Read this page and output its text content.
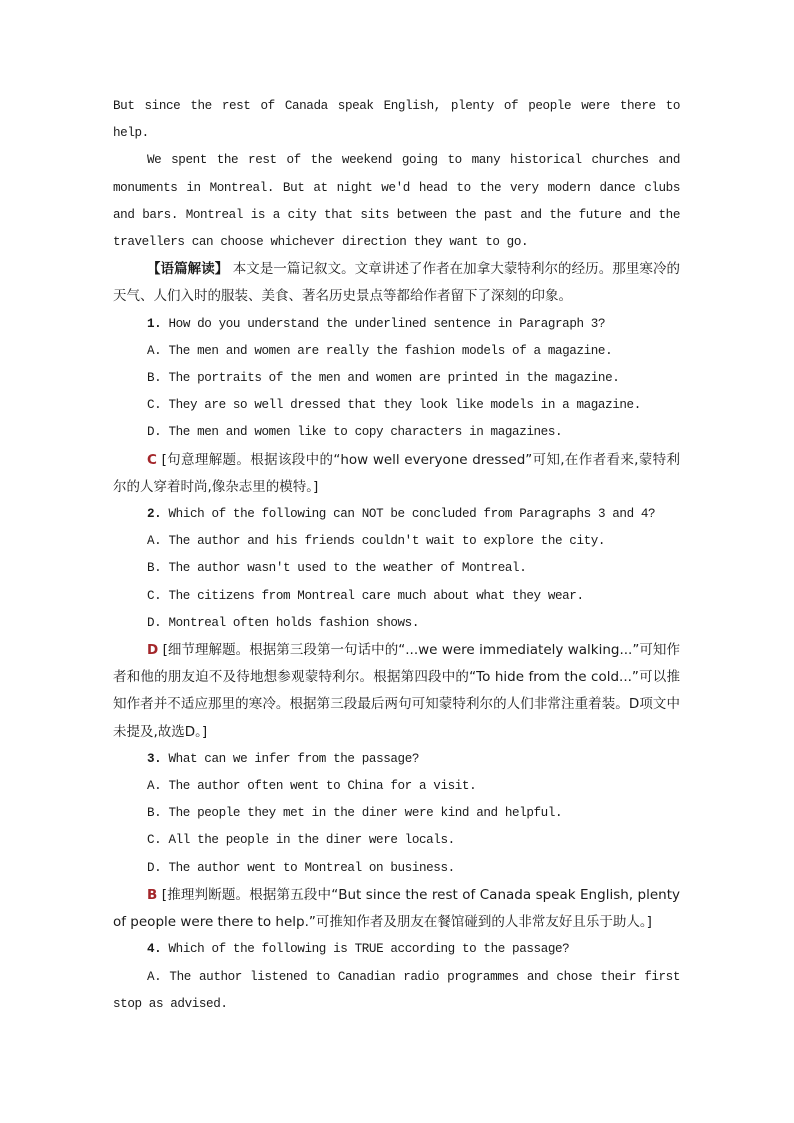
But since the rest of Canada speak English, plenty of people were there to help.

We spent the rest of the weekend going to many historical churches and monuments in Montreal. But at night we'd head to the very modern dance clubs and bars. Montreal is a city that sits between the past and the future and the travellers can choose whichever direction they want to go.

【语篇解读】 本文是一篇记叙文。文章讲述了作者在加拿大蒙特利尔的经历。那里寒冷的天气、人们入时的服装、美食、著名历史景点等都给作者留下了深刻的印象。

1. How do you understand the underlined sentence in Paragraph 3?

A. The men and women are really the fashion models of a magazine.

B. The portraits of the men and women are printed in the magazine.

C. They are so well dressed that they look like models in a magazine.

D. The men and women like to copy characters in magazines.

C [句意理解题。根据该段中的“how well everyone dressed”可知,在作者看来,蒙特利尔的人穿着时尚,像杂志里的模特。]

2. Which of the following can NOT be concluded from Paragraphs 3 and 4?

A. The author and his friends couldn't wait to explore the city.

B. The author wasn't used to the weather of Montreal.

C. The citizens from Montreal care much about what they wear.

D. Montreal often holds fashion shows.

D [细节理解题。根据第三段第一句话中的“...we were immediately walking...”可知作者和他的朋友迫不及待地想参观蒙特利尔。根据第四段中的“To hide from the cold...”可以推知作者并不适应那里的寒冷。根据第三段最后两句可知蒙特利尔的人们非常注重着装。D项文中未提及,故选D。]

3. What can we infer from the passage?

A. The author often went to China for a visit.

B. The people they met in the diner were kind and helpful.

C. All the people in the diner were locals.

D. The author went to Montreal on business.

B [推理判断题。根据第五段中“But since the rest of Canada speak English, plenty of people were there to help.”可推知作者及朋友在餐馆碰到的人非常友好且乐于助人。]

4. Which of the following is TRUE according to the passage?

A. The author listened to Canadian radio programmes and chose their first stop as advised.
